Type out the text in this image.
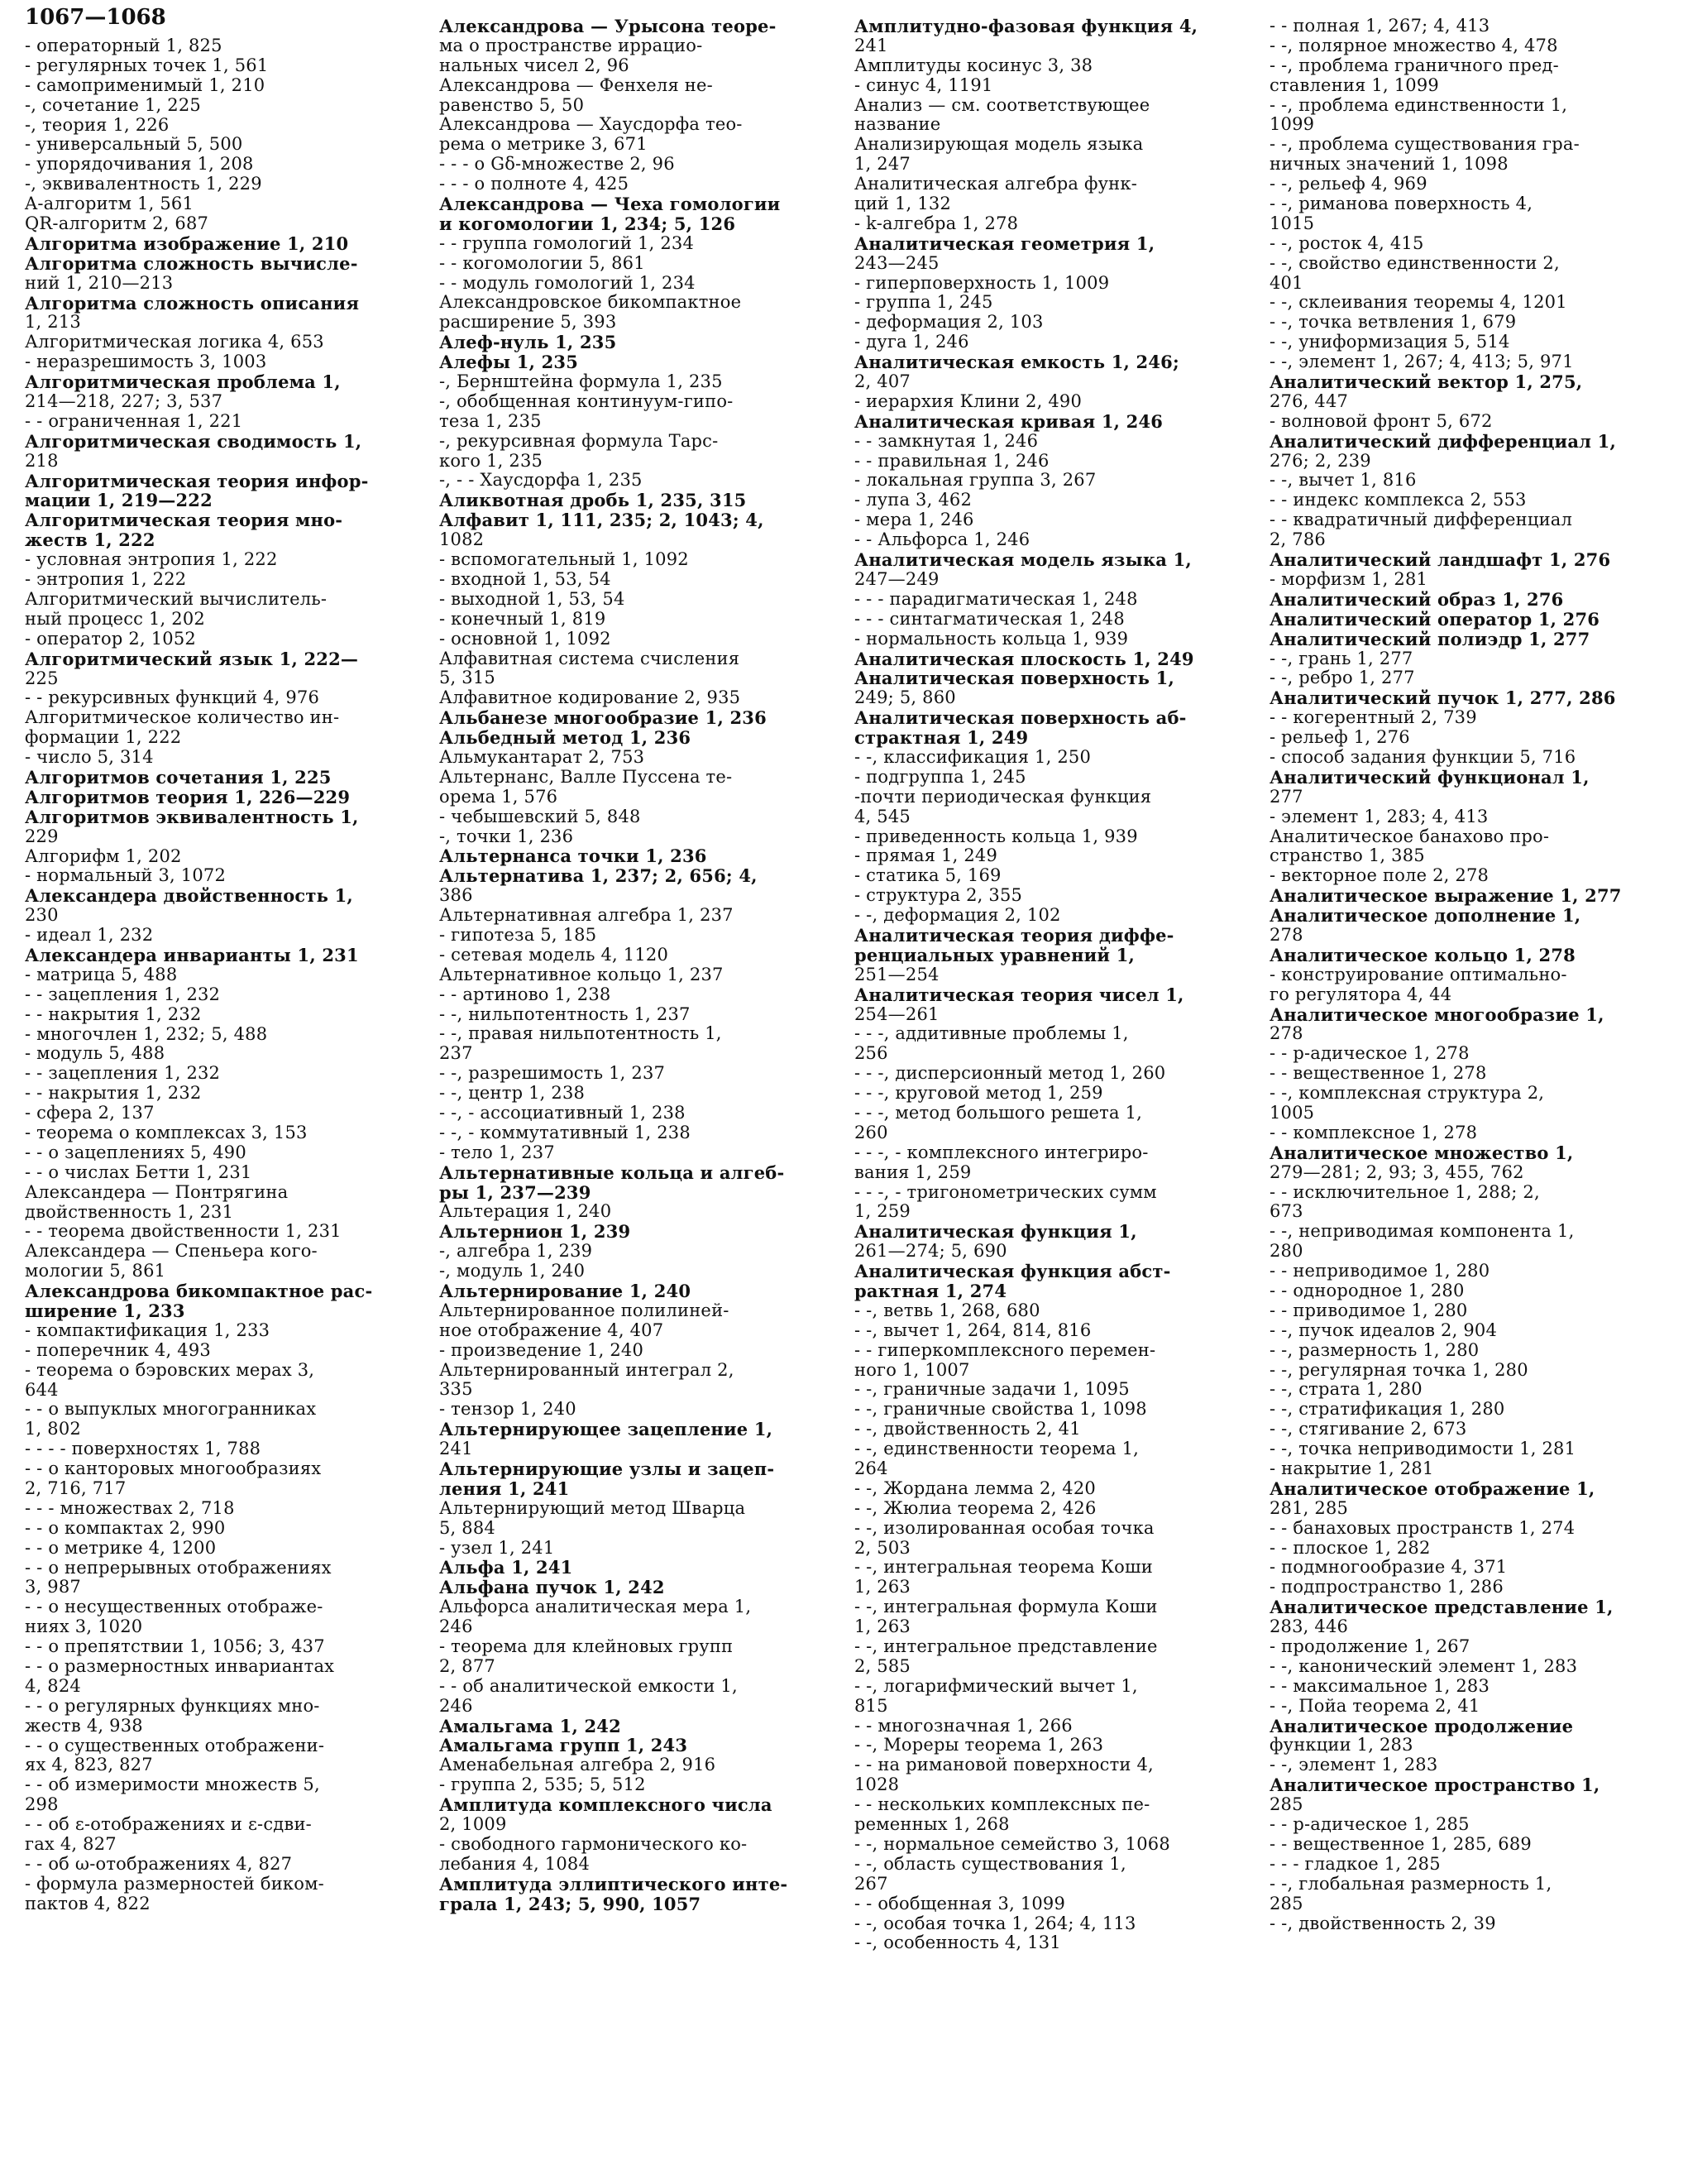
1067—1068
- операторный 1, 825
- регулярных точек 1, 561
- самоприменимый 1, 210
-, сочетание 1, 225
-, теория 1, 226
- универсальный 5, 500
- упорядочивания 1, 208
-, эквивалентность 1, 229
A-алгоритм 1, 561
QR-алгоритм 2, 687
Алгоритма изображение 1, 210
Алгоритма сложность вычисле-
ний 1, 210—213
Алгоритма сложность описания
1, 213
Алгоритмическая логика 4, 653
- неразрешимость 3, 1003
Алгоритмическая проблема 1,
214—218, 227; 3, 537
- - ограниченная 1, 221
Алгоритмическая сводимость 1,
218
Алгоритмическая теория инфор-
мации 1, 219—222
Алгоритмическая теория мно-
жеств 1, 222
- условная энтропия 1, 222
- энтропия 1, 222
Алгоритмический вычислитель-
ный процесс 1, 202
- оператор 2, 1052
Алгоритмический язык 1, 222—
225
- - рекурсивных функций 4, 976
Алгоритмическое количество ин-
формации 1, 222
- число 5, 314
Алгоритмов сочетания 1, 225
Алгоритмов теория 1, 226—229
Алгоритмов эквивалентность 1,
229
Алгорифм 1, 202
- нормальный 3, 1072
Александера двойственность 1,
230
- идеал 1, 232
Александера инварианты 1, 231
- матрица 5, 488
- - зацепления 1, 232
- - накрытия 1, 232
- многочлен 1, 232; 5, 488
- модуль 5, 488
- - зацепления 1, 232
- - накрытия 1, 232
- сфера 2, 137
- теорема о комплексах 3, 153
- - о зацеплениях 5, 490
- - о числах Бетти 1, 231
Александера — Понтрягина
двойственность 1, 231
- - теорема двойственности 1, 231
Александера — Спеньера кого-
мологии 5, 861
Александрова бикомпактное рас-
ширение 1, 233
- компактификация 1, 233
- поперечник 4, 493
- теорема о бэровских мерах 3,
644
- - о выпуклых многогранниках
1, 802
- - - - поверхностях 1, 788
- - о канторовых многообразиях
2, 716, 717
- - - множествах 2, 718
- - о компактах 2, 990
- - о метрике 4, 1200
- - о непрерывных отображениях
3, 987
- - о несущественных отображе-
ниях 3, 1020
- - о препятствии 1, 1056; 3, 437
- - о размерностных инвариантах
4, 824
- - о регулярных функциях мно-
жеств 4, 938
- - о существенных отображени-
ях 4, 823, 827
- - об измеримости множеств 5,
298
- - об ε-отображениях и ε-сдви-
гах 4, 827
- - об ω-отображениях 4, 827
- формула размерностей биком-
пактов 4, 822
Александрова — Урысона теоре-
ма о пространстве иррацио-
нальных чисел 2, 96
Александрова — Фенхеля не-
равенство 5, 50
Александрова — Хаусдорфа тео-
рема о метрике 3, 671
- - - о Gδ-множестве 2, 96
- - - о полноте 4, 425
Александрова — Чеха гомологии
и когомологии 1, 234; 5, 126
- - группа гомологий 1, 234
- - когомологии 5, 861
- - модуль гомологий 1, 234
Александровское бикомпактное
расширение 5, 393
Алеф-нуль 1, 235
Алефы 1, 235
-, Бернштейна формула 1, 235
-, обобщенная континуум-гипо-
теза 1, 235
-, рекурсивная формула Тарс-
кого 1, 235
-, - - Хаусдорфа 1, 235
Аликвотная дробь 1, 235, 315
Алфавит 1, 111, 235; 2, 1043; 4,
1082
- вспомогательный 1, 1092
- входной 1, 53, 54
- выходной 1, 53, 54
- конечный 1, 819
- основной 1, 1092
Алфавитная система счисления
5, 315
Алфавитное кодирование 2, 935
Альбанезе многообразие 1, 236
Альбедный метод 1, 236
Альмукантарат 2, 753
Альтернанс, Валле Пуссена те-
орема 1, 576
- чебышевский 5, 848
-, точки 1, 236
Альтернанса точки 1, 236
Альтернатива 1, 237; 2, 656; 4,
386
Альтернативная алгебра 1, 237
- гипотеза 5, 185
- сетевая модель 4, 1120
Альтернативное кольцо 1, 237
- - артиново 1, 238
- -, нильпотентность 1, 237
- -, правая нильпотентность 1,
237
- -, разрешимость 1, 237
- -, центр 1, 238
- -, - ассоциативный 1, 238
- -, - коммутативный 1, 238
- тело 1, 237
Альтернативные кольца и алгеб-
ры 1, 237—239
Альтерация 1, 240
Альтернион 1, 239
-, алгебра 1, 239
-, модуль 1, 240
Альтернирование 1, 240
Альтернированное полилиней-
ное отображение 4, 407
- произведение 1, 240
Альтернированный интеграл 2,
335
- тензор 1, 240
Альтернирующее зацепление 1,
241
Альтернирующие узлы и зацеп-
ления 1, 241
Альтернирующий метод Шварца
5, 884
- узел 1, 241
Альфа 1, 241
Альфана пучок 1, 242
Альфорса аналитическая мера 1,
246
- теорема для клейновых групп
2, 877
- - об аналитической емкости 1,
246
Амальгама 1, 242
Амальгама групп 1, 243
Аменабельная алгебра 2, 916
- группа 2, 535; 5, 512
Амплитуда комплексного числа
2, 1009
- свободного гармонического ко-
лебания 4, 1084
Амплитуда эллиптического инте-
грала 1, 243; 5, 990, 1057
Амплитудно-фазовая функция 4,
241
Амплитуды косинус 3, 38
- синус 4, 1191
Анализ — см. соответствующее
название
Анализирующая модель языка
1, 247
Аналитическая алгебра функ-
ций 1, 132
- k-алгебра 1, 278
Аналитическая геометрия 1,
243—245
- гиперповерхность 1, 1009
- группа 1, 245
- деформация 2, 103
- дуга 1, 246
Аналитическая емкость 1, 246;
2, 407
- иерархия Клини 2, 490
Аналитическая кривая 1, 246
- - замкнутая 1, 246
- - правильная 1, 246
- локальная группа 3, 267
- лупа 3, 462
- мера 1, 246
- - Альфорса 1, 246
Аналитическая модель языка 1,
247—249
- - - парадигматическая 1, 248
- - - синтагматическая 1, 248
- нормальность кольца 1, 939
Аналитическая плоскость 1, 249
Аналитическая поверхность 1,
249; 5, 860
Аналитическая поверхность аб-
страктная 1, 249
- -, классификация 1, 250
- подгруппа 1, 245
-почти периодическая функция
4, 545
- приведенность кольца 1, 939
- прямая 1, 249
- статика 5, 169
- структура 2, 355
- -, деформация 2, 102
Аналитическая теория диффе-
ренциальных уравнений 1,
251—254
Аналитическая теория чисел 1,
254—261
- - -, аддитивные проблемы 1,
256
- - -, дисперсионный метод 1, 260
- - -, круговой метод 1, 259
- - -, метод большого решета 1,
260
- - -, - комплексного интегриро-
вания 1, 259
- - -, - тригонометрических сумм
1, 259
Аналитическая функция 1,
261—274; 5, 690
Аналитическая функция абст-
рактная 1, 274
- -, ветвь 1, 268, 680
- -, вычет 1, 264, 814, 816
- - гиперкомплексного перемен-
ного 1, 1007
- -, граничные задачи 1, 1095
- -, граничные свойства 1, 1098
- -, двойственность 2, 41
- -, единственности теорема 1,
264
- -, Жордана лемма 2, 420
- -, Жюлиа теорема 2, 426
- -, изолированная особая точка
2, 503
- -, интегральная теорема Коши
1, 263
- -, интегральная формула Коши
1, 263
- -, интегральное представление
2, 585
- -, логарифмический вычет 1,
815
- - многозначная 1, 266
- -, Мореры теорема 1, 263
- - на римановой поверхности 4,
1028
- - нескольких комплексных пе-
ременных 1, 268
- -, нормальное семейство 3, 1068
- -, область существования 1,
267
- - обобщенная 3, 1099
- -, особая точка 1, 264; 4, 113
- -, особенность 4, 131
- - полная 1, 267; 4, 413
- -, полярное множество 4, 478
- -, проблема граничного пред-
ставления 1, 1099
- -, проблема единственности 1,
1099
- -, проблема существования гра-
ничных значений 1, 1098
- -, рельеф 4, 969
- -, риманова поверхность 4,
1015
- -, росток 4, 415
- -, свойство единственности 2,
401
- -, склеивания теоремы 4, 1201
- -, точка ветвления 1, 679
- -, униформизация 5, 514
- -, элемент 1, 267; 4, 413; 5, 971
Аналитический вектор 1, 275,
276, 447
- волновой фронт 5, 672
Аналитический дифференциал 1,
276; 2, 239
- -, вычет 1, 816
- - индекс комплекса 2, 553
- - квадратичный дифференциал
2, 786
Аналитический ландшафт 1, 276
- морфизм 1, 281
Аналитический образ 1, 276
Аналитический оператор 1, 276
Аналитический полиэдр 1, 277
- -, грань 1, 277
- -, ребро 1, 277
Аналитический пучок 1, 277, 286
- - когерентный 2, 739
- рельеф 1, 276
- способ задания функции 5, 716
Аналитический функционал 1,
277
- элемент 1, 283; 4, 413
Аналитическое банахово про-
странство 1, 385
- векторное поле 2, 278
Аналитическое выражение 1, 277
Аналитическое дополнение 1,
278
Аналитическое кольцо 1, 278
- конструирование оптимально-
го регулятора 4, 44
Аналитическое многообразие 1,
278
- - p-адическое 1, 278
- - вещественное 1, 278
- -, комплексная структура 2,
1005
- - комплексное 1, 278
Аналитическое множество 1,
279—281; 2, 93; 3, 455, 762
- - исключительное 1, 288; 2,
673
- -, неприводимая компонента 1,
280
- - неприводимое 1, 280
- - однородное 1, 280
- - приводимое 1, 280
- -, пучок идеалов 2, 904
- -, размерность 1, 280
- -, регулярная точка 1, 280
- -, страта 1, 280
- -, стратификация 1, 280
- -, стягивание 2, 673
- -, точка неприводимости 1, 281
- накрытие 1, 281
Аналитическое отображение 1,
281, 285
- - банаховых пространств 1, 274
- - плоское 1, 282
- подмногообразие 4, 371
- подпространство 1, 286
Аналитическое представление 1,
283, 446
- продолжение 1, 267
- -, канонический элемент 1, 283
- - максимальное 1, 283
- -, Пойа теорема 2, 41
Аналитическое продолжение
функции 1, 283
- -, элемент 1, 283
Аналитическое пространство 1,
285
- - p-адическое 1, 285
- - вещественное 1, 285, 689
- - - гладкое 1, 285
- -, глобальная размерность 1,
285
- -, двойственность 2, 39
